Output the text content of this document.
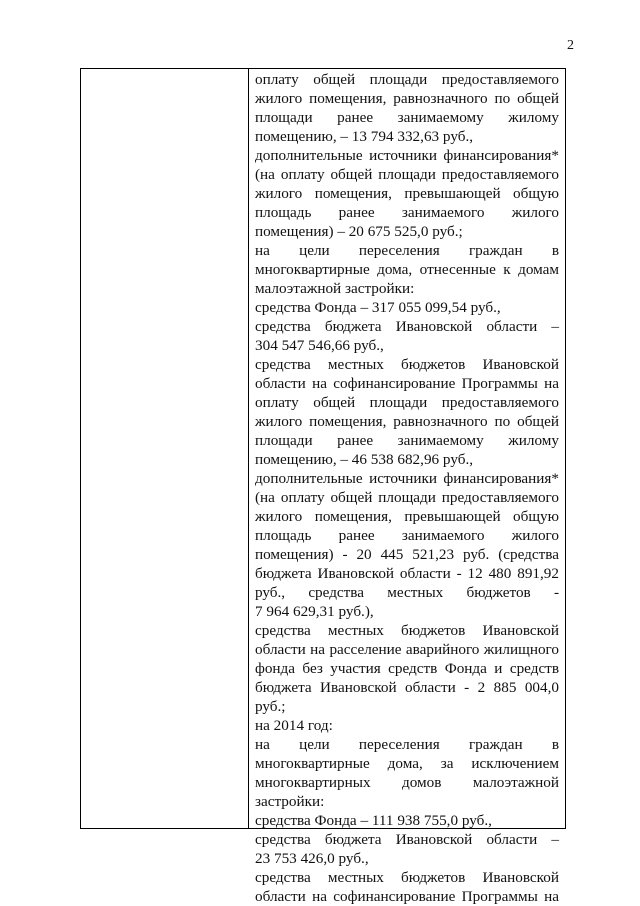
2
оплату общей площади предоставляемого
жилого помещения, равнозначного по общей
площади ранее занимаемому жилому
помещению, – 13 794 332,63 руб.,
дополнительные источники финансирования*
(на оплату общей площади предоставляемого
жилого помещения, превышающей общую
площадь ранее занимаемого жилого
помещения) – 20 675 525,0 руб.;
на цели переселения граждан в
многоквартирные дома, отнесенные к домам
малоэтажной застройки:
средства Фонда – 317 055 099,54 руб.,
средства бюджета Ивановской области –
304 547 546,66 руб.,
средства местных бюджетов Ивановской
области на софинансирование Программы на
оплату общей площади предоставляемого
жилого помещения, равнозначного по общей
площади ранее занимаемому жилому
помещению, – 46 538 682,96 руб.,
дополнительные источники финансирования*
(на оплату общей площади предоставляемого
жилого помещения, превышающей общую
площадь ранее занимаемого жилого
помещения) - 20 445 521,23 руб. (средства
бюджета Ивановской области - 12 480 891,92
руб., средства местных бюджетов -
7 964 629,31 руб.),
средства местных бюджетов Ивановской
области на расселение аварийного жилищного
фонда без участия средств Фонда и средств
бюджета Ивановской области - 2 885 004,0
руб.;
на 2014 год:
на цели переселения граждан в
многоквартирные дома, за исключением
многоквартирных домов малоэтажной
застройки:
средства Фонда – 111 938 755,0 руб.,
средства бюджета Ивановской области –
23 753 426,0 руб.,
средства местных бюджетов Ивановской
области на софинансирование Программы на
